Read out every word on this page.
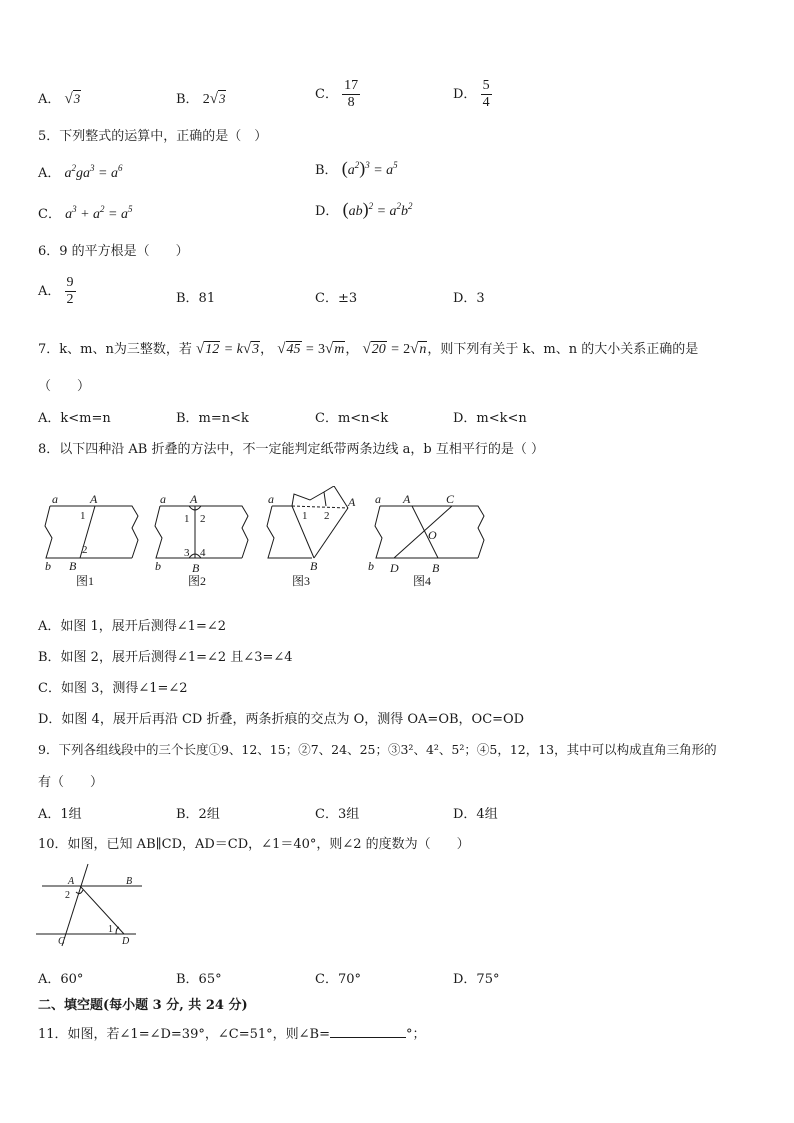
A． √3	B． 2√3	C． $\frac{17}{8}$	D． $\frac{5}{4}$
5．下列整式的运算中，正确的是（　）
A． $a^2ga^3 = a^6$	B． $(a^2)^3 = a^5$
C． $a^3 + a^2 = a^5$	D． $(ab)^2 = a^2b^2$
6．9 的平方根是（　　）
A． $\frac{9}{2}$	B．81	C．±3	D．3
7．k、m、n为三整数，若 √12 = k√3， √45 = 3√m， √20 = 2√n，则下列有关于 k、m、n 的大小关系正确的是
（　　）
A．k<m=n	B．m=n<k	C．m<n<k	D．m<k<n
8．以下四种沿 AB 折叠的方法中，不一定能判定纸带两条边线 a，b 互相平行的是（ ）
a	A
1
2
b B
图1
a A
1 2
3 4
b	B
图2
a	A
1 2
B
图3
a A	C
O
b D	B
图4
A．如图 1，展开后测得∠1=∠2
B．如图 2，展开后测得∠1=∠2 且∠3=∠4
C．如图 3，测得∠1=∠2
D．如图 4，展开后再沿 CD 折叠，两条折痕的交点为 O，测得 OA=OB，OC=OD
9．下列各组线段中的三个长度①9、12、15；②7、24、25；③3²、4²、5²；④5，12，13，其中可以构成直角三角形的
有（　　）
A．1组	B．2组	C．3组	D．4组
10．如图，已知 AB∥CD，AD＝CD，∠1＝40°，则∠2 的度数为（　　）
A	B
2
1
C	D
A．60°	B．65°	C．70°	D．75°
二、填空题(每小题 3 分, 共 24 分)
11．如图，若∠1=∠D=39°，∠C=51°，则∠B=	°；
